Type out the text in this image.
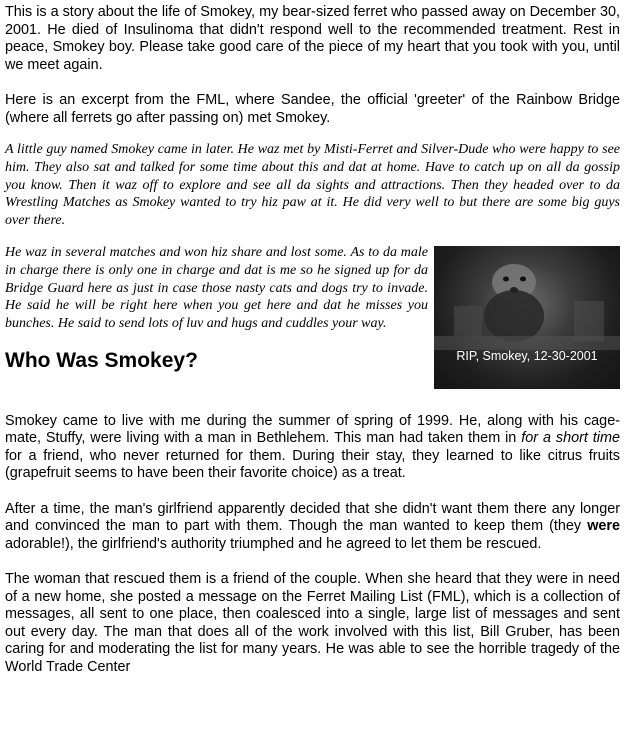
This is a story about the life of Smokey, my bear-sized ferret who passed away on December 30, 2001. He died of Insulinoma that didn't respond well to the recommended treatment. Rest in peace, Smokey boy. Please take good care of the piece of my heart that you took with you, until we meet again.

Here is an excerpt from the FML, where Sandee, the official 'greeter' of the Rainbow Bridge (where all ferrets go after passing on) met Smokey.

A little guy named Smokey came in later. He waz met by Misti-Ferret and Silver-Dude who were happy to see him. They also sat and talked for some time about this and dat at home. Have to catch up on all da gossip you know. Then it waz off to explore and see all da sights and attractions. Then they headed over to da Wrestling Matches as Smokey wanted to try hiz paw at it. He did very well to but there are some big guys over there.

RIP, Smokey, 12-30-2001

He waz in several matches and won hiz share and lost some. As to da male in charge there is only one in charge and dat is me so he signed up for da Bridge Guard here as just in case those nasty cats and dogs try to invade. He said he will be right here when you get here and dat he misses you bunches. He said to send lots of luv and hugs and cuddles your way.

Who Was Smokey?

Smokey came to live with me during the summer of spring of 1999. He, along with his cage-mate, Stuffy, were living with a man in Bethlehem. This man had taken them in for a short time for a friend, who never returned for them. During their stay, they learned to like citrus fruits (grapefruit seems to have been their favorite choice) as a treat.

After a time, the man's girlfriend apparently decided that she didn't want them there any longer and convinced the man to part with them. Though the man wanted to keep them (they were adorable!), the girlfriend's authority triumphed and he agreed to let them be rescued.

The woman that rescued them is a friend of the couple. When she heard that they were in need of a new home, she posted a message on the Ferret Mailing List (FML), which is a collection of messages, all sent to one place, then coalesced into a single, large list of messages and sent out every day. The man that does all of the work involved with this list, Bill Gruber, has been caring for and moderating the list for many years. He was able to see the horrible tragedy of the World Trade Center
